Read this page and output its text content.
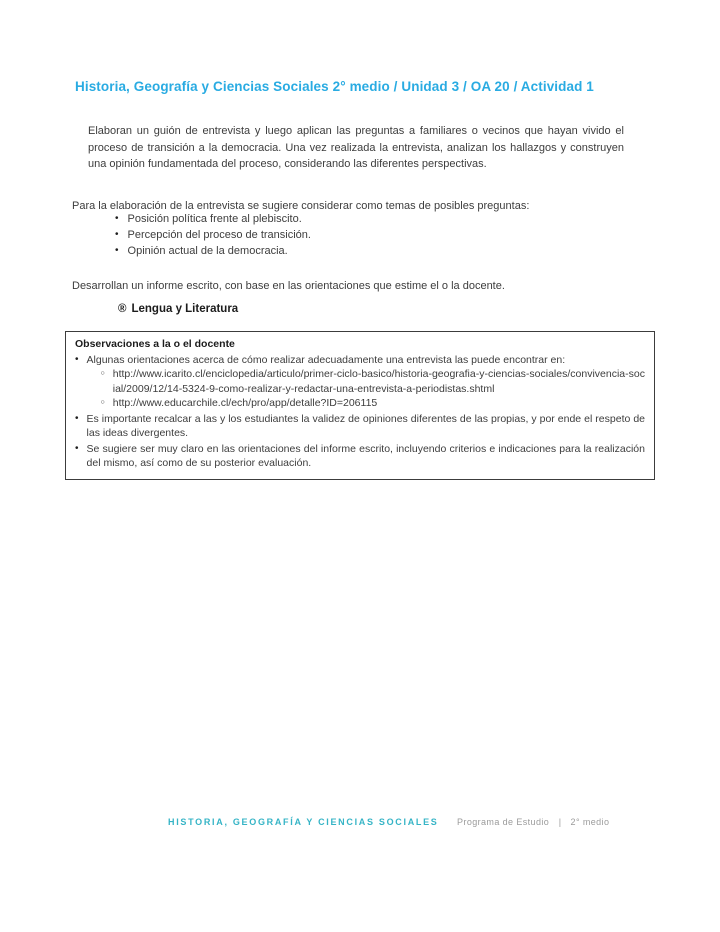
Historia, Geografía y Ciencias Sociales 2° medio / Unidad 3 / OA 20 / Actividad 1

Elaboran un guión de entrevista y luego aplican las preguntas a familiares o vecinos que hayan vivido el proceso de transición a la democracia. Una vez realizada la entrevista, analizan los hallazgos y construyen una opinión fundamentada del proceso, considerando las diferentes perspectivas.

Para la elaboración de la entrevista se sugiere considerar como temas de posibles preguntas:

• Posición política frente al plebiscito.
• Percepción del proceso de transición.
• Opinión actual de la democracia.

Desarrollan un informe escrito, con base en las orientaciones que estime el o la docente.

® Lengua y Literatura
Observaciones a la o el docente
• Algunas orientaciones acerca de cómo realizar adecuadamente una entrevista las puede encontrar en:
○ http://www.icarito.cl/enciclopedia/articulo/primer-ciclo-basico/historia-geografia-y-ciencias-sociales/convivencia-social/2009/12/14-5324-9-como-realizar-y-redactar-una-entrevista-a-periodistas.shtml
○ http://www.educarchile.cl/ech/pro/app/detalle?ID=206115
• Es importante recalcar a las y los estudiantes la validez de opiniones diferentes de las propias, y por ende el respeto de las ideas divergentes.
• Se sugiere ser muy claro en las orientaciones del informe escrito, incluyendo criterios e indicaciones para la realización del mismo, así como de su posterior evaluación.
HISTORIA, GEOGRAFÍA Y CIENCIAS SOCIALES Programa de Estudio | 2° medio
